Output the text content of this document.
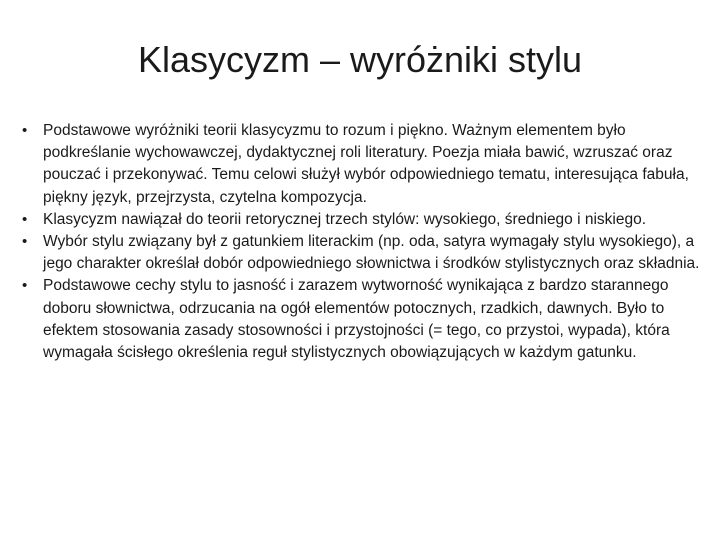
Klasycyzm – wyróżniki stylu
•	Podstawowe wyróżniki teorii klasycyzmu to rozum i piękno. Ważnym elementem było podkreślanie wychowawczej, dydaktycznej roli literatury. Poezja miała bawić, wzruszać oraz pouczać i przekonywać. Temu celowi służył wybór odpowiedniego tematu, interesująca fabuła, piękny język, przejrzysta, czytelna kompozycja.
•	Klasycyzm nawiązał do teorii retorycznej trzech stylów: wysokiego, średniego i niskiego.
•	Wybór stylu związany był z gatunkiem literackim (np. oda, satyra wymagały stylu wysokiego), a jego charakter określał dobór odpowiedniego słownictwa i środków stylistycznych oraz składnia.
•	Podstawowe cechy stylu to jasność i zarazem wytworność wynikająca z bardzo starannego doboru słownictwa, odrzucania na ogół elementów potocznych, rzadkich, dawnych. Było to efektem stosowania zasady stosowności i przystojności (= tego, co przystoi, wypada), która wymagała ścisłego określenia reguł stylistycznych obowiązujących w każdym gatunku.
